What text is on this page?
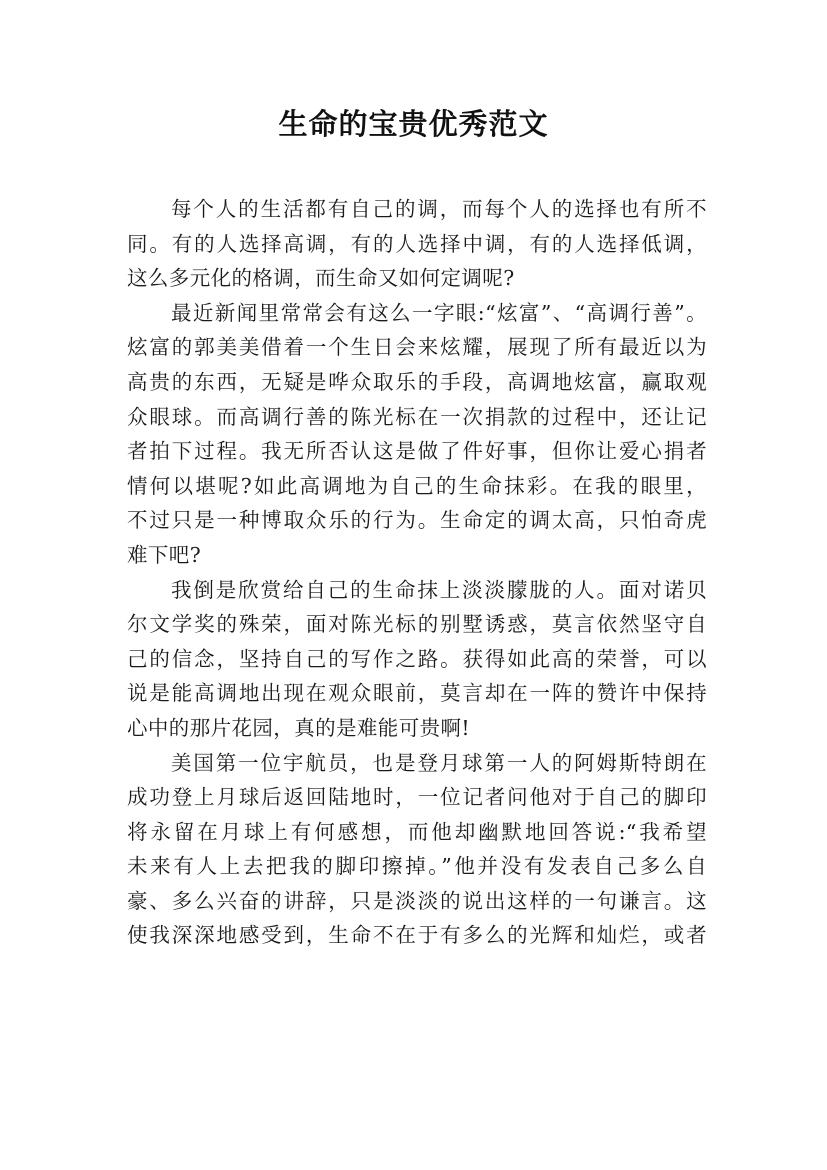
生命的宝贵优秀范文
每个人的生活都有自己的调，而每个人的选择也有所不
同。有的人选择高调，有的人选择中调，有的人选择低调，
这么多元化的格调，而生命又如何定调呢?
最近新闻里常常会有这么一字眼:“炫富”、“高调行善”。
炫富的郭美美借着一个生日会来炫耀，展现了所有最近以为
高贵的东西，无疑是哗众取乐的手段，高调地炫富，赢取观
众眼球。而高调行善的陈光标在一次捐款的过程中，还让记
者拍下过程。我无所否认这是做了件好事，但你让爱心捐者
情何以堪呢?如此高调地为自己的生命抹彩。在我的眼里，
不过只是一种博取众乐的行为。生命定的调太高，只怕奇虎
难下吧?
我倒是欣赏给自己的生命抹上淡淡朦胧的人。面对诺贝
尔文学奖的殊荣，面对陈光标的别墅诱惑，莫言依然坚守自
己的信念，坚持自己的写作之路。获得如此高的荣誉，可以
说是能高调地出现在观众眼前，莫言却在一阵的赞许中保持
心中的那片花园，真的是难能可贵啊!
美国第一位宇航员，也是登月球第一人的阿姆斯特朗在
成功登上月球后返回陆地时，一位记者问他对于自己的脚印
将永留在月球上有何感想，而他却幽默地回答说:“我希望
未来有人上去把我的脚印擦掉。”他并没有发表自己多么自
豪、多么兴奋的讲辞，只是淡淡的说出这样的一句谦言。这
使我深深地感受到，生命不在于有多么的光辉和灿烂，或者
